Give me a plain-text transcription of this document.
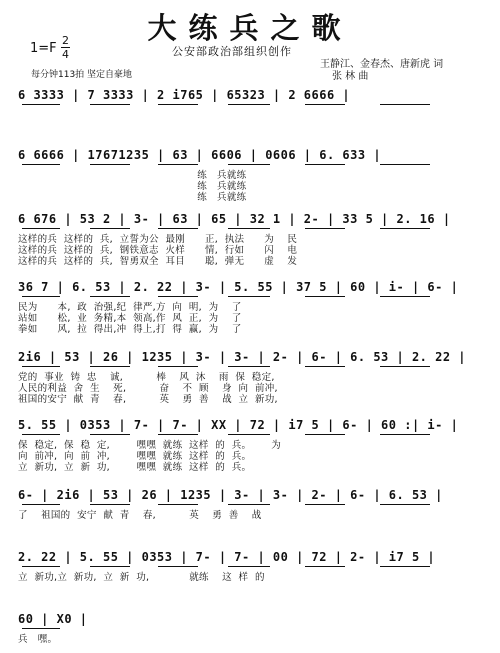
大练兵之歌
1=F
2
4
每分钟113拍 坚定自豪地
公安部政治部组织创作
王静江、金春杰、唐新虎 词
张 林 曲
6 3333 | 7 3333 | 2 i765 | 65323 | 2 6666 |
6 6666 | 17671235 | 63 | 6606 | 0606 | 6. 633 |
练   兵就练
练   兵就练
练   兵就练
6 676 | 53 2 | 3- | 63 | 65 | 32 1 | 2- | 33 5 | 2. 16 |
这样的兵  这样的  兵,  立誓为公  最刚      正,  执法      为    民
这样的兵  这样的  兵,  钢铁意志  火样      情,  行如      闪    电
这样的兵  这样的  兵,  智勇双全  耳目      聪,  弹无      虚    发
36 7 | 6. 53 | 2. 22 | 3- | 5. 55 | 37 5 | 60 | i- | 6- |
民为      本,  政  治强,纪  律严,方  向  明,  为    了
站如      松,  业  务精,本  领高,作  风  正,  为    了
拳如      风,  拉  得出,冲  得上,打  得  赢,  为    了
2i6 | 53 | 26 | 1235 | 3- | 3- | 2- | 6- | 6. 53 | 2. 22 |
党的  事业  铸  忠    诚,          棒    风  沐    雨  保  稳定,
人民的利益  舍  生    死,          奋    不  顾    身  向  前冲,
祖国的安宁  献  青    春,          英    勇  善    战  立  新功,
5. 55 | 0353 | 7- | 7- | XX | 72 | i7 5 | 6- | 60 :| i- |
保  稳定,  保  稳  定,        嘿嘿  就练  这样  的  兵。      为
向  前冲,  向  前  冲,        嘿嘿  就练  这样  的  兵。
立  新功,  立  新  功,        嘿嘿  就练  这样  的  兵。
6- | 2i6 | 53 | 26 | 1235 | 3- | 3- | 2- | 6- | 6. 53 |
了    祖国的  安宁  献  青    春,          英    勇  善    战
2. 22 | 5. 55 | 0353 | 7- | 7- | 00 | 72 | 2- | i7 5 |
立  新功,立  新功,  立  新  功,            就练    这  样  的
60 | X0 |
兵   嘿。
